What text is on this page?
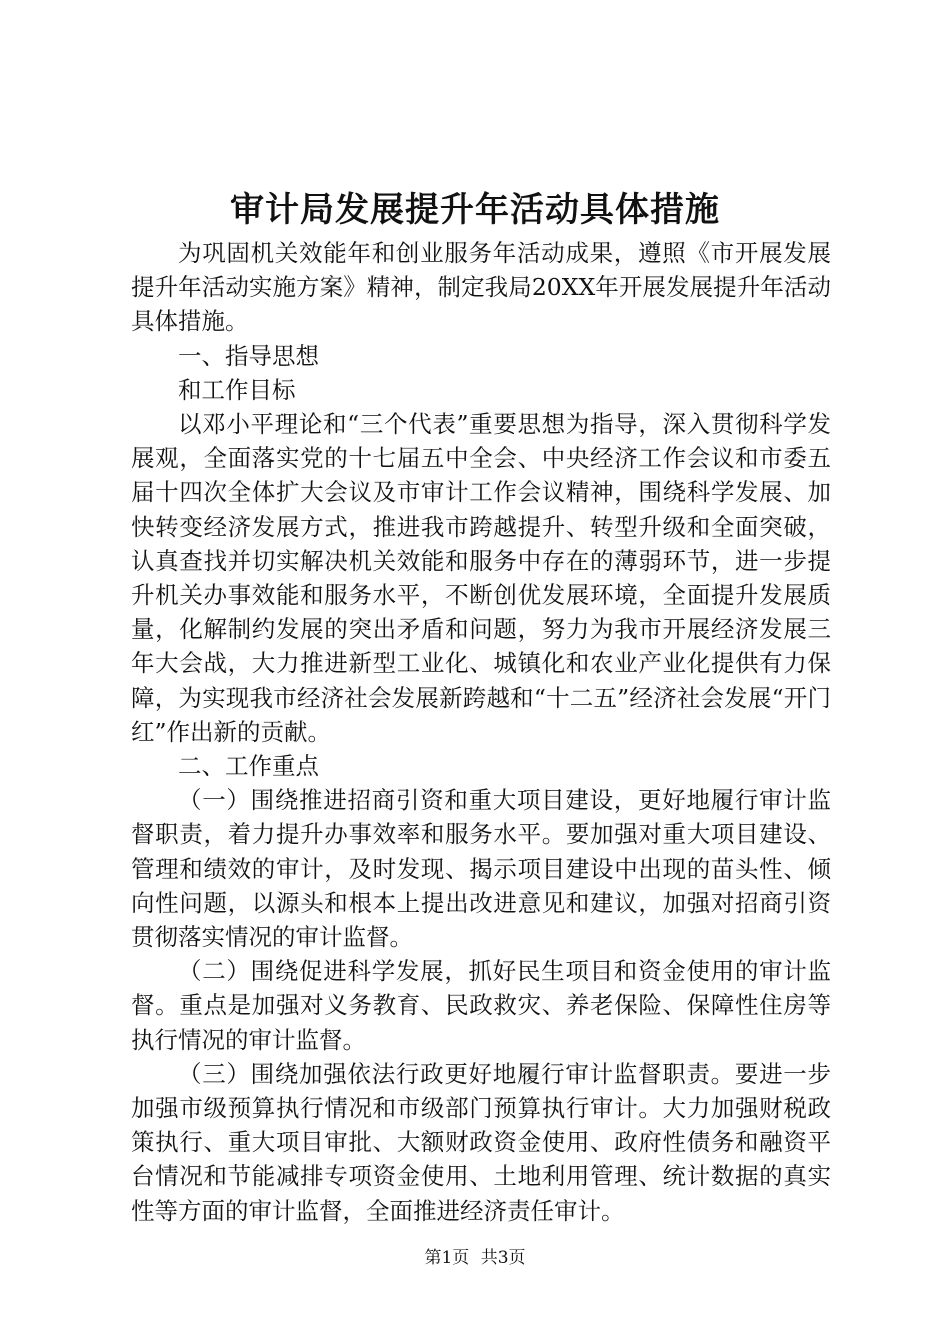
审计局发展提升年活动具体措施

为巩固机关效能年和创业服务年活动成果，遵照《市开展发展提升年活动实施方案》精神，制定我局20XX年开展发展提升年活动具体措施。

一、指导思想

和工作目标

以邓小平理论和“三个代表”重要思想为指导，深入贯彻科学发展观，全面落实党的十七届五中全会、中央经济工作会议和市委五届十四次全体扩大会议及市审计工作会议精神，围绕科学发展、加快转变经济发展方式，推进我市跨越提升、转型升级和全面突破，认真查找并切实解决机关效能和服务中存在的薄弱环节，进一步提升机关办事效能和服务水平，不断创优发展环境，全面提升发展质量，化解制约发展的突出矛盾和问题，努力为我市开展经济发展三年大会战，大力推进新型工业化、城镇化和农业产业化提供有力保障，为实现我市经济社会发展新跨越和“十二五”经济社会发展“开门红”作出新的贡献。

二、工作重点

（一）围绕推进招商引资和重大项目建设，更好地履行审计监督职责，着力提升办事效率和服务水平。要加强对重大项目建设、管理和绩效的审计，及时发现、揭示项目建设中出现的苗头性、倾向性问题，以源头和根本上提出改进意见和建议，加强对招商引资贯彻落实情况的审计监督。

（二）围绕促进科学发展，抓好民生项目和资金使用的审计监督。重点是加强对义务教育、民政救灾、养老保险、保障性住房等执行情况的审计监督。

（三）围绕加强依法行政更好地履行审计监督职责。要进一步加强市级预算执行情况和市级部门预算执行审计。大力加强财税政策执行、重大项目审批、大额财政资金使用、政府性债务和融资平台情况和节能减排专项资金使用、土地利用管理、统计数据的真实性等方面的审计监督，全面推进经济责任审计。

第1页 共3页
